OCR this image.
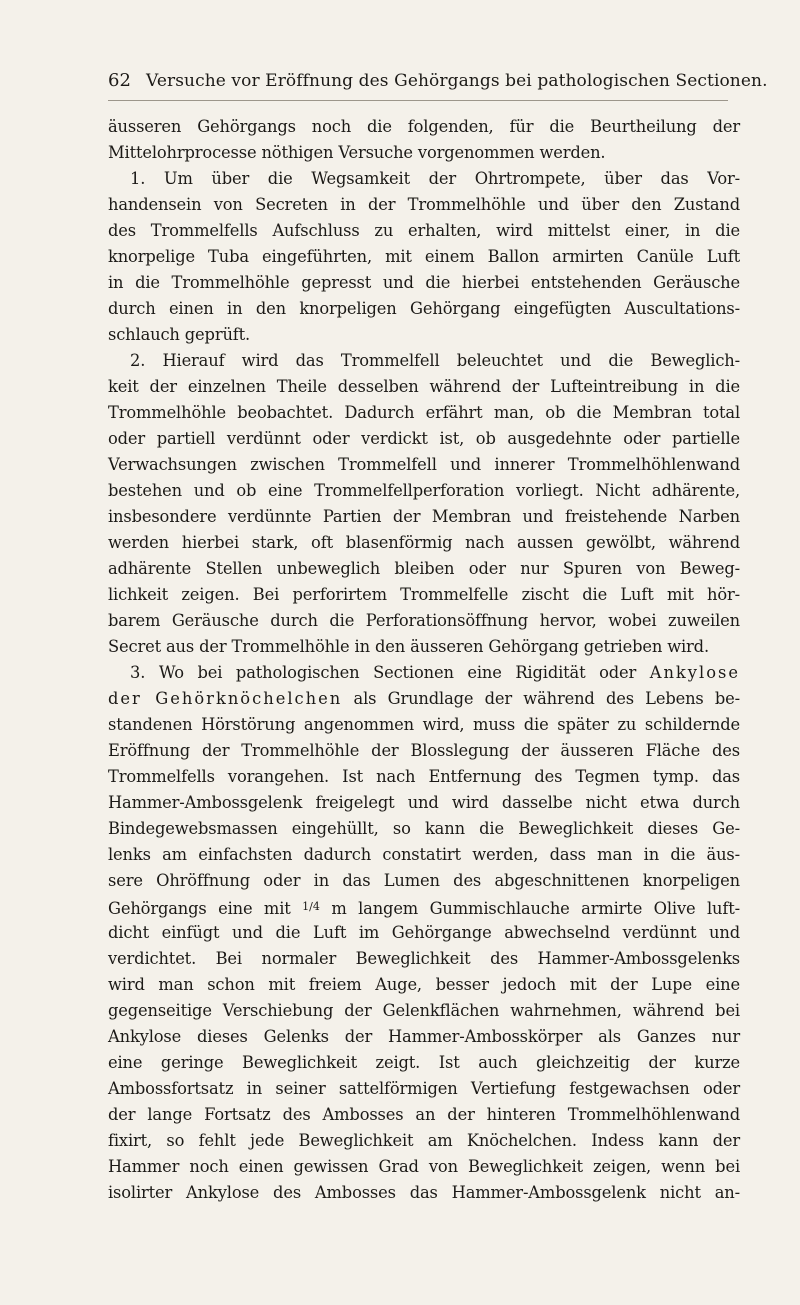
62 Versuche vor Eröffnung des Gehörgangs bei pathologischen Sectionen.
äusseren Gehörgangs noch die folgenden, für die Beurtheilung der
Mittelohrprocesse nöthigen Versuche vorgenommen werden.
1. Um über die Wegsamkeit der Ohrtrompete, über das Vor-
handensein von Secreten in der Trommelhöhle und über den Zustand
des Trommelfells Aufschluss zu erhalten, wird mittelst einer, in die
knorpelige Tuba eingeführten, mit einem Ballon armirten Canüle Luft
in die Trommelhöhle gepresst und die hierbei entstehenden Geräusche
durch einen in den knorpeligen Gehörgang eingefügten Auscultations-
schlauch geprüft.
2. Hierauf wird das Trommelfell beleuchtet und die Beweglich-
keit der einzelnen Theile desselben während der Lufteintreibung in die
Trommelhöhle beobachtet. Dadurch erfährt man, ob die Membran total
oder partiell verdünnt oder verdickt ist, ob ausgedehnte oder partielle
Verwachsungen zwischen Trommelfell und innerer Trommelhöhlenwand
bestehen und ob eine Trommelfellperforation vorliegt. Nicht adhärente,
insbesondere verdünnte Partien der Membran und freistehende Narben
werden hierbei stark, oft blasenförmig nach aussen gewölbt, während
adhärente Stellen unbeweglich bleiben oder nur Spuren von Beweg-
lichkeit zeigen. Bei perforirtem Trommelfelle zischt die Luft mit hör-
barem Geräusche durch die Perforationsöffnung hervor, wobei zuweilen
Secret aus der Trommelhöhle in den äusseren Gehörgang getrieben wird.
3. Wo bei pathologischen Sectionen eine Rigidität oder Ankylose
der Gehörknöchelchen als Grundlage der während des Lebens be-
standenen Hörstörung angenommen wird, muss die später zu schildernde
Eröffnung der Trommelhöhle der Blosslegung der äusseren Fläche des
Trommelfells vorangehen. Ist nach Entfernung des Tegmen tymp. das
Hammer-Ambossgelenk freigelegt und wird dasselbe nicht etwa durch
Bindegewebsmassen eingehüllt, so kann die Beweglichkeit dieses Ge-
lenks am einfachsten dadurch constatirt werden, dass man in die äus-
sere Ohröffnung oder in das Lumen des abgeschnittenen knorpeligen
Gehörgangs eine mit $^{1/4}$ m langem Gummischlauche armirte Olive luft-
dicht einfügt und die Luft im Gehörgange abwechselnd verdünnt und
verdichtet. Bei normaler Beweglichkeit des Hammer-Ambossgelenks
wird man schon mit freiem Auge, besser jedoch mit der Lupe eine
gegenseitige Verschiebung der Gelenkflächen wahrnehmen, während bei
Ankylose dieses Gelenks der Hammer-Ambosskörper als Ganzes nur
eine geringe Beweglichkeit zeigt. Ist auch gleichzeitig der kurze
Ambossfortsatz in seiner sattelförmigen Vertiefung festgewachsen oder
der lange Fortsatz des Ambosses an der hinteren Trommelhöhlenwand
fixirt, so fehlt jede Beweglichkeit am Knöchelchen. Indess kann der
Hammer noch einen gewissen Grad von Beweglichkeit zeigen, wenn bei
isolirter Ankylose des Ambosses das Hammer-Ambossgelenk nicht an-
